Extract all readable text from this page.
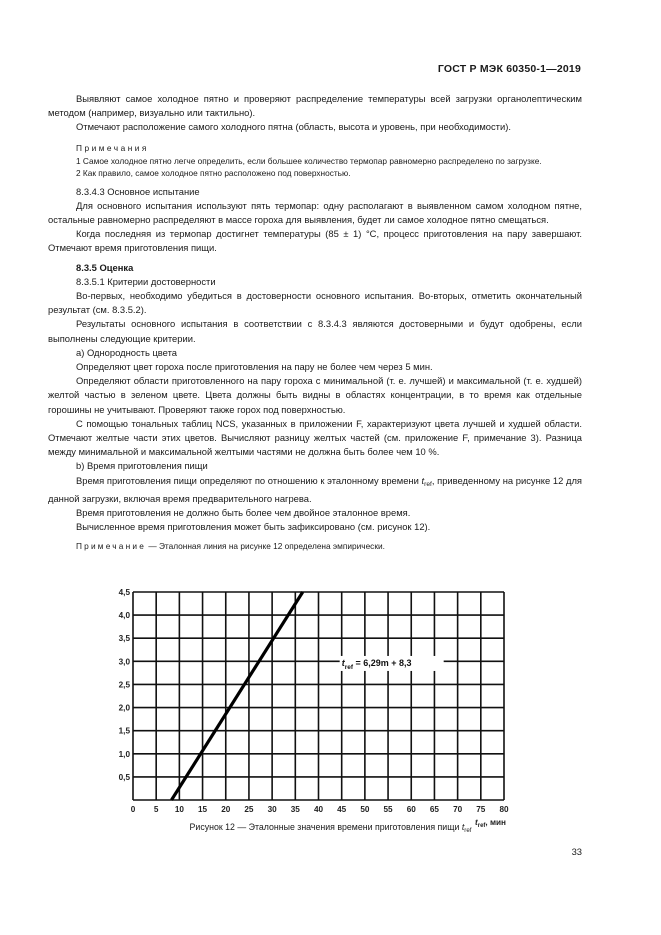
ГОСТ Р МЭК 60350-1—2019

Выявляют самое холодное пятно и проверяют распределение температуры всей загрузки органолептическим методом (например, визуально или тактильно).

Отмечают расположение самого холодного пятна (область, высота и уровень, при необходимости).

Примечания

1 Самое холодное пятно легче определить, если большее количество термопар равномерно распределено по загрузке.

2 Как правило, самое холодное пятно расположено под поверхностью.

8.3.4.3 Основное испытание

Для основного испытания используют пять термопар: одну располагают в выявленном самом холодном пятне, остальные равномерно распределяют в массе гороха для выявления, будет ли самое холодное пятно смещаться.

Когда последняя из термопар достигнет температуры (85 ± 1) °С, процесс приготовления на пару завершают. Отмечают время приготовления пищи.

8.3.5 Оценка

8.3.5.1 Критерии достоверности

Во-первых, необходимо убедиться в достоверности основного испытания. Во-вторых, отметить окончательный результат (см. 8.3.5.2).

Результаты основного испытания в соответствии с 8.3.4.3 являются достоверными и будут одобрены, если выполнены следующие критерии.

а) Однородность цвета

Определяют цвет гороха после приготовления на пару не более чем через 5 мин.

Определяют области приготовленного на пару гороха с минимальной (т. е. лучшей) и максимальной (т. е. худшей) желтой частью в зеленом цвете. Цвета должны быть видны в областях концентрации, в то время как отдельные горошины не учитывают. Проверяют также горох под поверхностью.

С помощью тональных таблиц NCS, указанных в приложении F, характеризуют цвета лучшей и худшей области. Отмечают желтые части этих цветов. Вычисляют разницу желтых частей (см. приложение F, примечание 3). Разница между минимальной и максимальной желтыми частями не должна быть более чем 10 %.

b) Время приготовления пищи

Время приготовления пищи определяют по отношению к эталонному времени $t_{ref}$, приведенному на рисунке 12 для данной загрузки, включая время предварительного нагрева.

Время приготовления не должно быть более чем двойное эталонное время.

Вычисленное время приготовления может быть зафиксировано (см. рисунок 12).

Примечание — Эталонная линия на рисунке 12 определена эмпирически.

0 5 10 15 20 25 30 35 40 45 50 55 60 65 70 75 80
0,5
1,0
1,5
2,0
2,5
3,0
3,5
4,0
4,5
$t_{ref} = 6,29m + 8,3$
$t_{ref}$, мин
Рисунок 12 — Эталонные значения времени приготовления пищи $t_{ref}$
33
